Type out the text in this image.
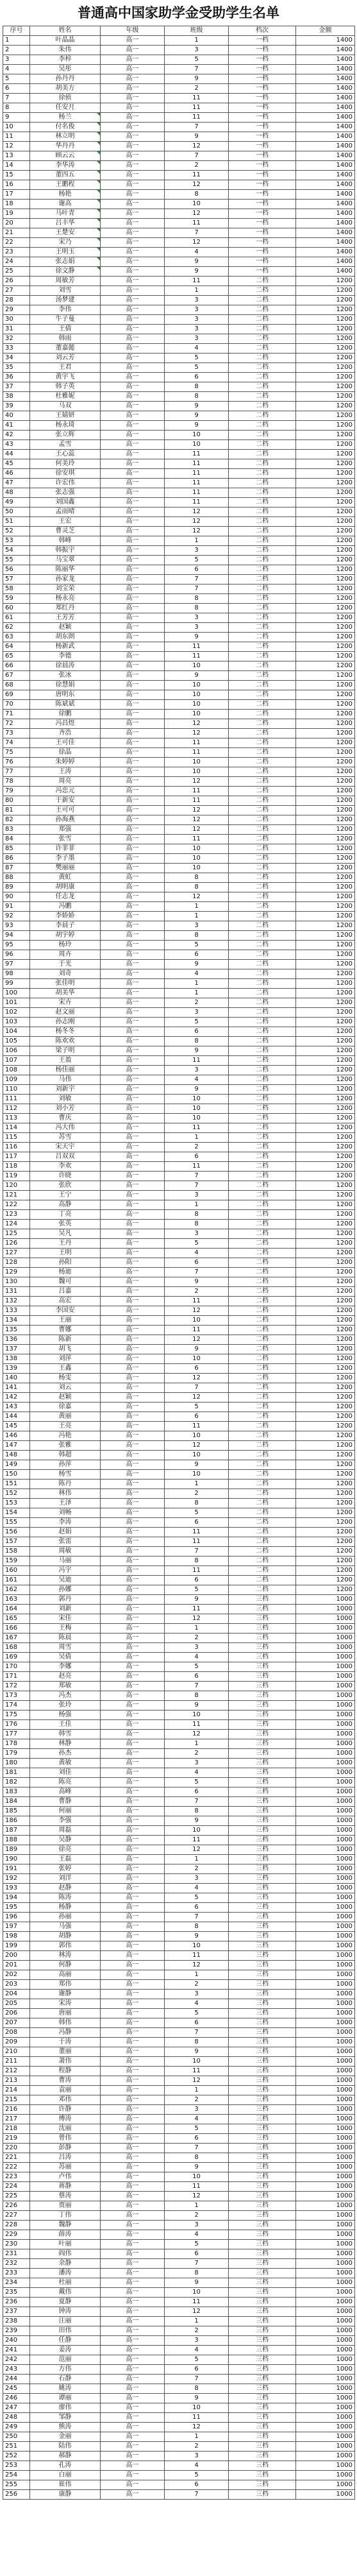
普通高中国家助学金受助学生名单
序号	姓名	年级	班级	档次	金额
1	叶晶晶	高一	1	一档	1400
2	朱伟	高一	3	一档	1400
3	李梓	高一	5	一档	1400
4	吴彤	高一	7	一档	1400
5	孙丹丹	高一	9	一档	1400
6	胡美方	高一	2	一档	1400
7	徐侦	高一	11	一档	1400
8	任安月	高一	11	一档	1400
9	杨兰	高一	11	一档	1400
10	付名俊	高一	7	一档	1400
11	林立明	高一	9	一档	1400
12	华丹丹	高一	12	一档	1400
13	顾云云	高一	7	一档	1400
14	李华涛	高一	2	一档	1400
15	董四五	高一	11	一档	1400
16	王鹏程	高一	12	一档	1400
17	杨艳	高一	8	一档	1400
18	谢高	高一	10	一档	1400
19	马叶青	高一	12	一档	1400
20	吕丰华	高一	11	一档	1400
21	王楚安	高一	7	一档	1400
22	宋乃	高一	12	一档	1400
23	王明玉	高一	4	一档	1400
24	张志娟	高一	9	一档	1400
25	徐文静	高一	9	一档	1400
26	周敏芳	高一	11	二档	1200
27	刘雪	高一	1	二档	1200
28	汤梦建	高一	3	二档	1200
29	李伟	高一	3	二档	1200
30	牛子曼	高一	3	二档	1200
31	王倩	高一	3	二档	1200
32	韩雨	高一	3	二档	1200
33	董嘉懿	高一	4	二档	1200
34	刘云芳	高一	5	二档	1200
35	王君	高一	5	二档	1200
36	黄宇飞	高一	6	二档	1200
37	韩子英	高一	8	二档	1200
38	杜雅妮	高一	8	二档	1200
39	马双	高一	9	二档	1200
40	王婧妍	高一	9	二档	1200
41	杨永琦	高一	9	二档	1200
42	张立辉	高一	10	二档	1200
43	孟雪	高一	10	二档	1200
44	王心蕊	高一	11	二档	1200
45	何美玲	高一	11	二档	1200
46	徐安琪	高一	11	二档	1200
47	许宏伟	高一	11	二档	1200
48	张志强	高一	11	二档	1200
49	刘国鑫	高一	11	二档	1200
50	孟雨晴	高一	12	二档	1200
51	王宏	高一	12	二档	1200
52	曹灵芝	高一	12	二档	1200
53	韩峰	高一	1	二档	1200
54	韩振宇	高一	3	二档	1200
55	马宝翠	高一	5	二档	1200
56	陈丽华	高一	6	二档	1200
57	孙家龙	高一	7	二档	1200
58	刘宝荣	高一	7	二档	1200
59	杨永亮	高一	8	二档	1200
60	郑红丹	高一	8	二档	1200
61	王芳芳	高一	3	二档	1200
62	赵颖	高一	3	二档	1200
63	胡东朗	高一	9	二档	1200
64	杨新武	高一	11	二档	1200
65	李德	高一	11	二档	1200
66	徐晨涛	高一	10	二档	1200
67	张冰	高一	9	二档	1200
68	徐慧娟	高一	10	二档	1200
69	唐明东	高一	10	二档	1200
70	陈斌斌	高一	10	二档	1200
71	徐鹏	高一	10	二档	1200
72	冯昌煜	高一	12	二档	1200
73	齐浩	高一	12	二档	1200
74	王可佳	高一	11	二档	1200
75	徐晶	高一	11	二档	1200
76	朱婷婷	高一	10	二档	1200
77	王涛	高一	10	二档	1200
78	周亮	高一	12	二档	1200
79	冯忠元	高一	11	二档	1200
80	于新安	高一	11	二档	1200
81	王可可	高一	12	二档	1200
82	孙海燕	高一	12	二档	1200
83	郑强	高一	12	二档	1200
84	张雪	高一	11	二档	1200
85	许菲菲	高一	10	二档	1200
86	李子墨	高一	10	二档	1200
87	樊丽丽	高一	10	二档	1200
88	黄虹	高一	8	二档	1200
89	胡明康	高一	8	二档	1200
90	任志龙	高一	12	二档	1200
91	冯鹏	高一	1	二档	1200
92	李娇娇	高一	1	二档	1200
93	李晨子	高一	3	二档	1200
94	胡宇婷	高一	8	二档	1200
95	杨玲	高一	5	二档	1200
96	周卉	高一	6	二档	1200
97	于光	高一	9	二档	1200
98	刘奇	高一	4	二档	1200
99	张佳明	高一	1	二档	1200
100	胡美华	高一	1	二档	1200
101	宋卉	高一	2	二档	1200
102	赵文丽	高一	3	二档	1200
103	孙志刚	高一	5	二档	1200
104	杨冬冬	高一	6	二档	1200
105	陈欢欢	高一	8	二档	1200
106	梁子明	高一	9	二档	1200
107	王盈	高一	11	二档	1200
108	杨佳丽	高一	3	二档	1200
109	马伟	高一	4	二档	1200
110	刘新宇	高一	9	二档	1200
111	刘敏	高一	10	二档	1200
112	刘小芳	高一	10	二档	1200
113	曹庆	高一	10	二档	1200
114	冯大伟	高一	11	二档	1200
115	苏雪	高一	1	二档	1200
116	宋天宇	高一	2	二档	1200
117	吕双双	高一	6	二档	1200
118	李欢	高一	11	二档	1200
119	许晓	高一	7	二档	1200
120	张欣	高一	7	二档	1200
121	王宁	高一	3	二档	1200
122	高静	高一	1	二档	1200
123	丁亮	高一	8	二档	1200
124	张英	高一	8	二档	1200
125	吴凡	高一	3	二档	1200
126	王丹	高一	5	二档	1200
127	王明	高一	4	二档	1200
128	孙阳	高一	6	二档	1200
129	杨迪	高一	7	二档	1200
130	魏可	高一	9	二档	1200
131	吕嘉	高一	2	二档	1200
132	高宏	高一	11	二档	1200
133	李国安	高一	12	二档	1200
134	王丽	高一	10	二档	1200
135	曹娜	高一	11	二档	1200
136	陈新	高一	12	二档	1200
137	胡飞	高一	9	二档	1200
138	刘萍	高一	10	二档	1200
139	王鑫	高一	6	二档	1200
140	杨雯	高一	12	二档	1200
141	刘云	高一	7	二档	1200
142	赵颖	高一	12	二档	1200
143	徐嘉	高一	5	二档	1200
144	黄丽	高一	6	二档	1200
145	王亮	高一	11	二档	1200
146	冯艳	高一	10	二档	1200
147	张雅	高一	12	二档	1200
148	韩超	高一	10	二档	1200
149	孙萍	高一	9	二档	1200
150	杨雪	高一	10	二档	1200
151	陈丹	高一	1	二档	1200
152	林伟	高一	2	二档	1200
153	王泽	高一	8	二档	1200
154	刘畅	高一	5	二档	1200
155	李涛	高一	6	二档	1200
156	赵娟	高一	11	二档	1200
157	张雷	高一	11	二档	1200
158	周敏	高一	7	二档	1200
159	马丽	高一	8	二档	1200
160	冯宇	高一	11	二档	1200
161	吴迪	高一	6	二档	1200
162	孙娜	高一	5	二档	1200
163	郭丹	高一	9	三档	1000
164	刘新	高一	11	三档	1000
165	宋佳	高一	12	三档	1000
166	王梅	高一	1	三档	1000
167	陈晨	高一	2	三档	1000
168	周雪	高一	3	三档	1000
169	吴倩	高一	4	三档	1000
170	李娜	高一	5	三档	1000
171	赵亮	高一	6	三档	1000
172	郑敏	高一	7	三档	1000
173	冯杰	高一	8	三档	1000
174	张玲	高一	9	三档	1000
175	杨强	高一	10	三档	1000
176	王佳	高一	11	三档	1000
177	韩雪	高一	12	三档	1000
178	林静	高一	1	三档	1000
179	孙杰	高一	2	三档	1000
180	黄敏	高一	3	三档	1000
181	刘佳	高一	4	三档	1000
182	陈亮	高一	5	三档	1000
183	高峰	高一	6	三档	1000
184	曹静	高一	7	三档	1000
185	何丽	高一	8	三档	1000
186	李强	高一	9	三档	1000
187	周磊	高一	10	三档	1000
188	吴静	高一	11	三档	1000
189	徐亮	高一	12	三档	1000
190	王磊	高一	1	三档	1000
191	张婷	高一	2	三档	1000
192	刘洋	高一	3	三档	1000
193	赵静	高一	4	三档	1000
194	陈涛	高一	5	三档	1000
195	杨静	高一	6	三档	1000
196	孙丽	高一	7	三档	1000
197	马强	高一	8	三档	1000
198	胡静	高一	9	三档	1000
199	郭伟	高一	10	三档	1000
200	林涛	高一	11	三档	1000
201	何静	高一	12	三档	1000
202	高丽	高一	1	三档	1000
203	郑伟	高一	2	三档	1000
204	谢静	高一	3	三档	1000
205	宋涛	高一	4	三档	1000
206	唐丽	高一	5	三档	1000
207	韩伟	高一	6	三档	1000
208	冯静	高一	7	三档	1000
209	于涛	高一	8	三档	1000
210	董丽	高一	9	三档	1000
211	萧伟	高一	10	三档	1000
212	程静	高一	11	三档	1000
213	曹涛	高一	12	三档	1000
214	袁丽	高一	1	三档	1000
215	邓伟	高一	2	三档	1000
216	许静	高一	3	三档	1000
217	傅涛	高一	4	三档	1000
218	沈丽	高一	5	三档	1000
219	曾伟	高一	6	三档	1000
220	彭静	高一	7	三档	1000
221	吕涛	高一	8	三档	1000
222	苏丽	高一	9	三档	1000
223	卢伟	高一	10	三档	1000
224	蒋静	高一	11	三档	1000
225	蔡涛	高一	12	三档	1000
226	贾丽	高一	1	三档	1000
227	丁伟	高一	2	三档	1000
228	魏静	高一	3	三档	1000
229	薛涛	高一	4	三档	1000
230	叶丽	高一	5	三档	1000
231	阎伟	高一	6	三档	1000
232	余静	高一	7	三档	1000
233	潘涛	高一	8	三档	1000
234	杜丽	高一	9	三档	1000
235	戴伟	高一	10	三档	1000
236	夏静	高一	11	三档	1000
237	钟涛	高一	12	三档	1000
238	汪丽	高一	1	三档	1000
239	田伟	高一	2	三档	1000
240	任静	高一	3	三档	1000
241	姜涛	高一	4	三档	1000
242	范丽	高一	5	三档	1000
243	方伟	高一	6	三档	1000
244	石静	高一	7	三档	1000
245	姚涛	高一	8	三档	1000
246	谭丽	高一	9	三档	1000
247	廖伟	高一	10	三档	1000
248	邹静	高一	11	三档	1000
249	熊涛	高一	12	三档	1000
250	金丽	高一	1	三档	1000
251	陆伟	高一	2	三档	1000
252	郝静	高一	3	三档	1000
253	孔涛	高一	4	三档	1000
254	白丽	高一	5	三档	1000
255	崔伟	高一	6	三档	1000
256	康静	高一	7	三档	1000
